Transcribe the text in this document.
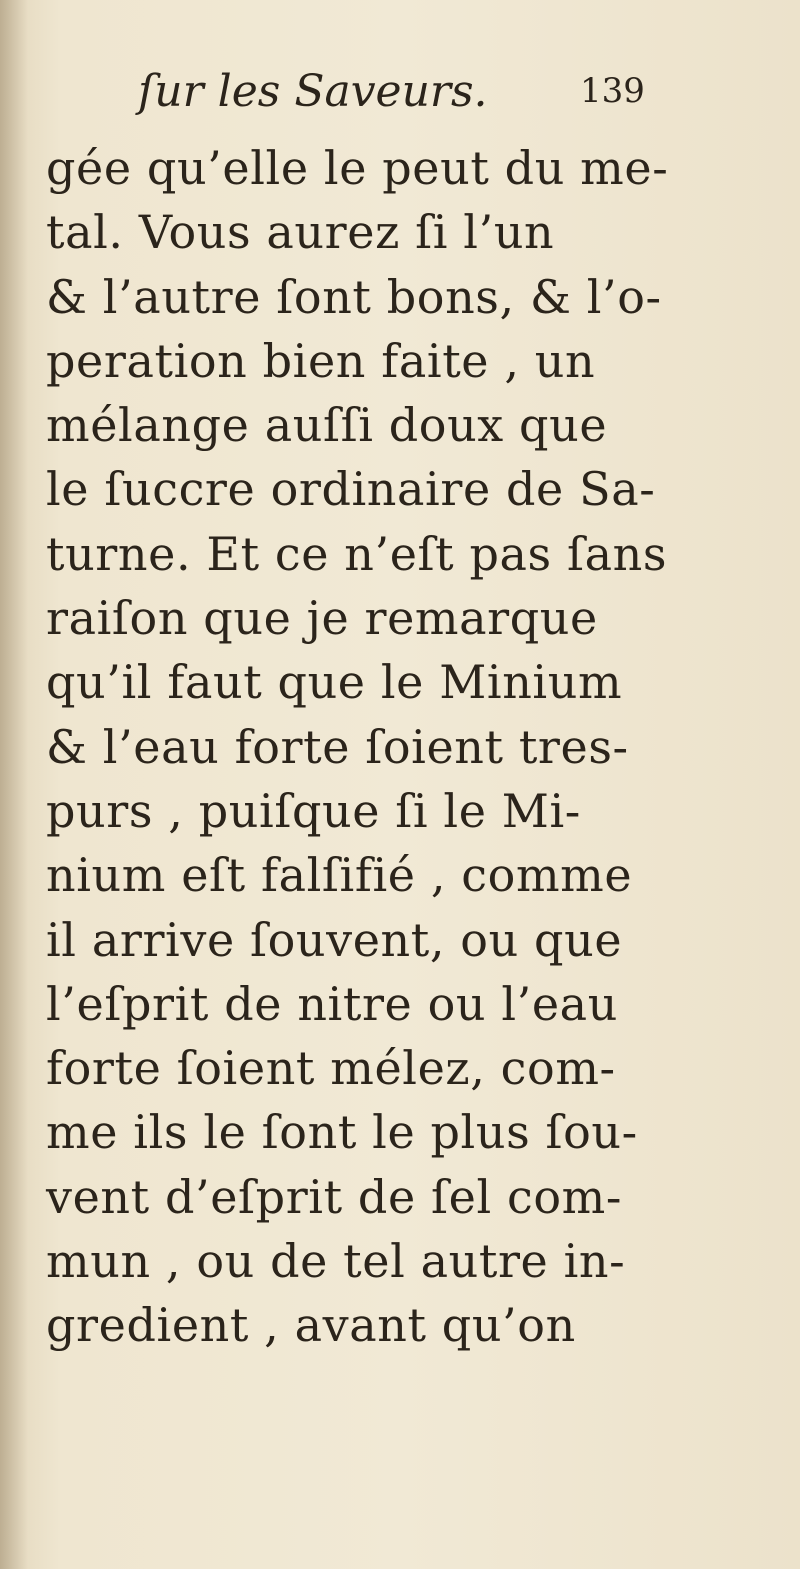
ſur les Saveurs.	139
gée qu’elle le peut du me-
tal. Vous aurez ſi l’un
& l’autre ſont bons, & l’o-
peration bien faite , un
mélange auſſi doux que
le ſuccre ordinaire de Sa-
turne. Et ce n’eſt pas ſans
raiſon que je remarque
qu’il faut que le Minium
& l’eau forte ſoient tres-
purs , puiſque ſi le Mi-
nium eſt falſifié , comme
il arrive ſouvent, ou que
l’eſprit de nitre ou l’eau
forte ſoient mélez, com-
me ils le ſont le plus ſou-
vent d’eſprit de ſel com-
mun , ou de tel autre in-
gredient , avant qu’on
